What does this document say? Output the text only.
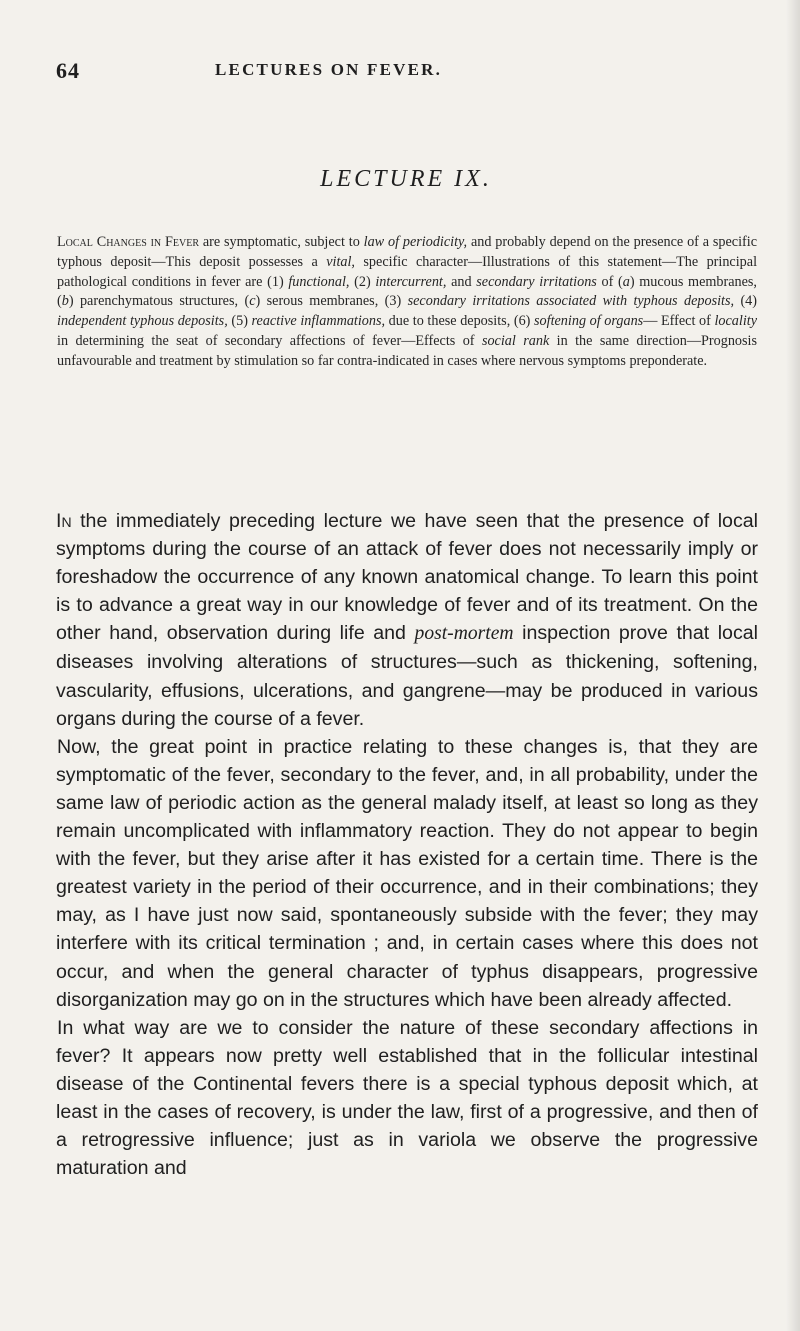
64	LECTURES ON FEVER.
LECTURE IX.
Local Changes in Fever are symptomatic, subject to law of periodicity, and probably depend on the presence of a specific typhous deposit—This deposit possesses a vital, specific character—Illustrations of this statement—The principal pathological conditions in fever are (1) functional, (2) intercurrent, and secondary irritations of (a) mucous membranes, (b) parenchymatous structures, (c) serous membranes, (3) secondary irritations associated with typhous deposits, (4) independent typhous deposits, (5) reactive inflammations, due to these deposits, (6) softening of organs— Effect of locality in determining the seat of secondary affections of fever—Effects of social rank in the same direction—Prognosis unfavourable and treatment by stimulation so far contra-indicated in cases where nervous symptoms preponderate.

In the immediately preceding lecture we have seen that the presence of local symptoms during the course of an attack of fever does not necessarily imply or foreshadow the occurrence of any known anatomical change. To learn this point is to advance a great way in our knowledge of fever and of its treatment. On the other hand, observation during life and post-mortem inspection prove that local diseases involving alterations of structures—such as thickening, softening, vascularity, effusions, ulcerations, and gangrene—may be produced in various organs during the course of a fever.

Now, the great point in practice relating to these changes is, that they are symptomatic of the fever, secondary to the fever, and, in all probability, under the same law of periodic action as the general malady itself, at least so long as they remain uncomplicated with inflammatory reaction. They do not appear to begin with the fever, but they arise after it has existed for a certain time. There is the greatest variety in the period of their occurrence, and in their combinations; they may, as I have just now said, spontaneously subside with the fever; they may interfere with its critical termination ; and, in certain cases where this does not occur, and when the general character of typhus disappears, progressive disorganization may go on in the structures which have been already affected.

In what way are we to consider the nature of these secondary affections in fever? It appears now pretty well established that in the follicular intestinal disease of the Continental fevers there is a special typhous deposit which, at least in the cases of recovery, is under the law, first of a progressive, and then of a retrogressive influence; just as in variola we observe the progressive maturation and
